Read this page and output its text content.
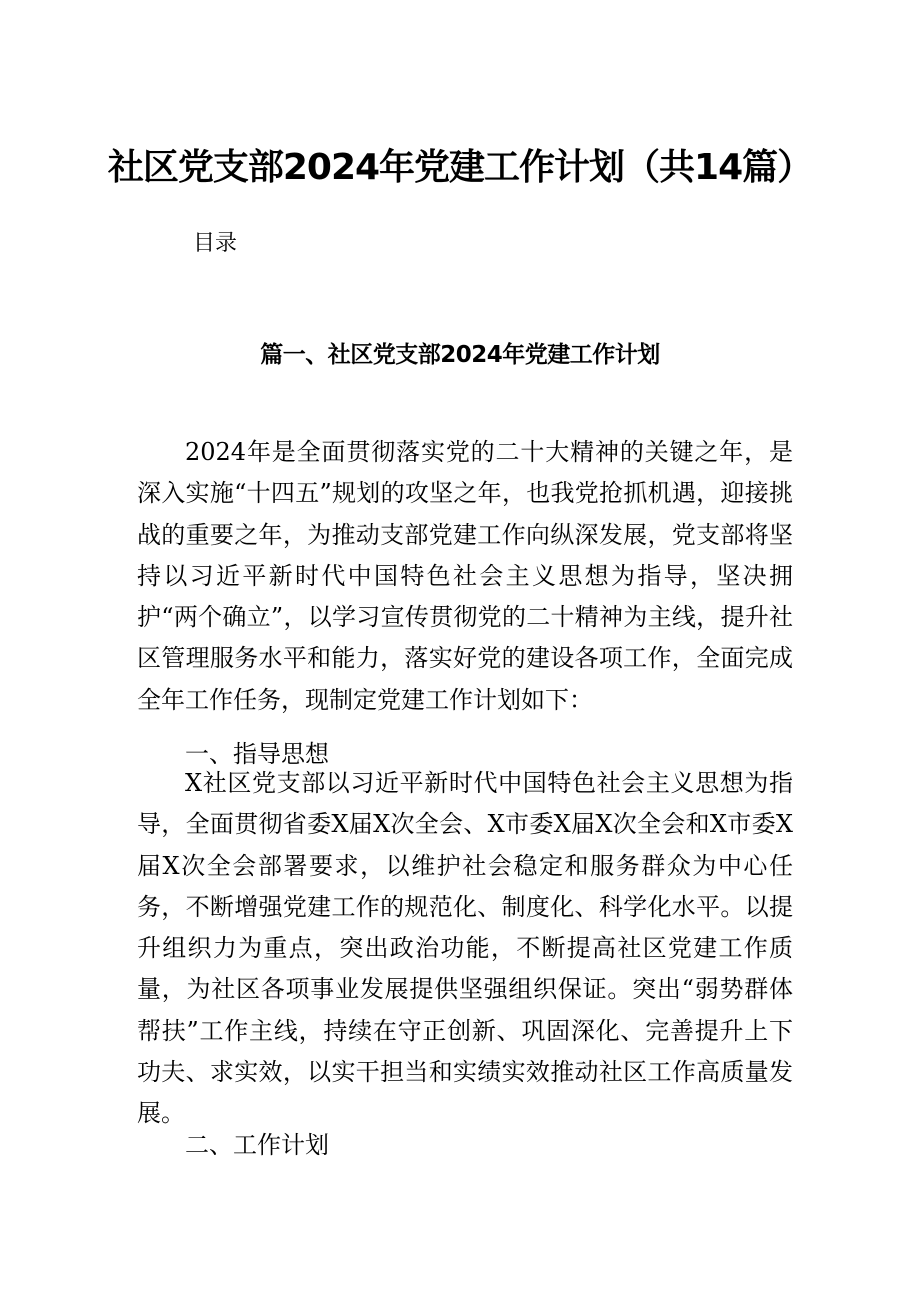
社区党支部2024年党建工作计划（共14篇）
目录
篇一、社区党支部2024年党建工作计划

2024年是全面贯彻落实党的二十大精神的关键之年，是深入实施“十四五”规划的攻坚之年，也我党抢抓机遇，迎接挑战的重要之年，为推动支部党建工作向纵深发展，党支部将坚持以习近平新时代中国特色社会主义思想为指导，坚决拥护“两个确立”，以学习宣传贯彻党的二十精神为主线，提升社区管理服务水平和能力，落实好党的建设各项工作，全面完成全年工作任务，现制定党建工作计划如下：

一、指导思想

X社区党支部以习近平新时代中国特色社会主义思想为指导，全面贯彻省委X届X次全会、X市委X届X次全会和X市委X届X次全会部署要求，以维护社会稳定和服务群众为中心任务，不断增强党建工作的规范化、制度化、科学化水平。以提升组织力为重点，突出政治功能，不断提高社区党建工作质量，为社区各项事业发展提供坚强组织保证。突出“弱势群体帮扶”工作主线，持续在守正创新、巩固深化、完善提升上下功夫、求实效，以实干担当和实绩实效推动社区工作高质量发展。

二、工作计划
